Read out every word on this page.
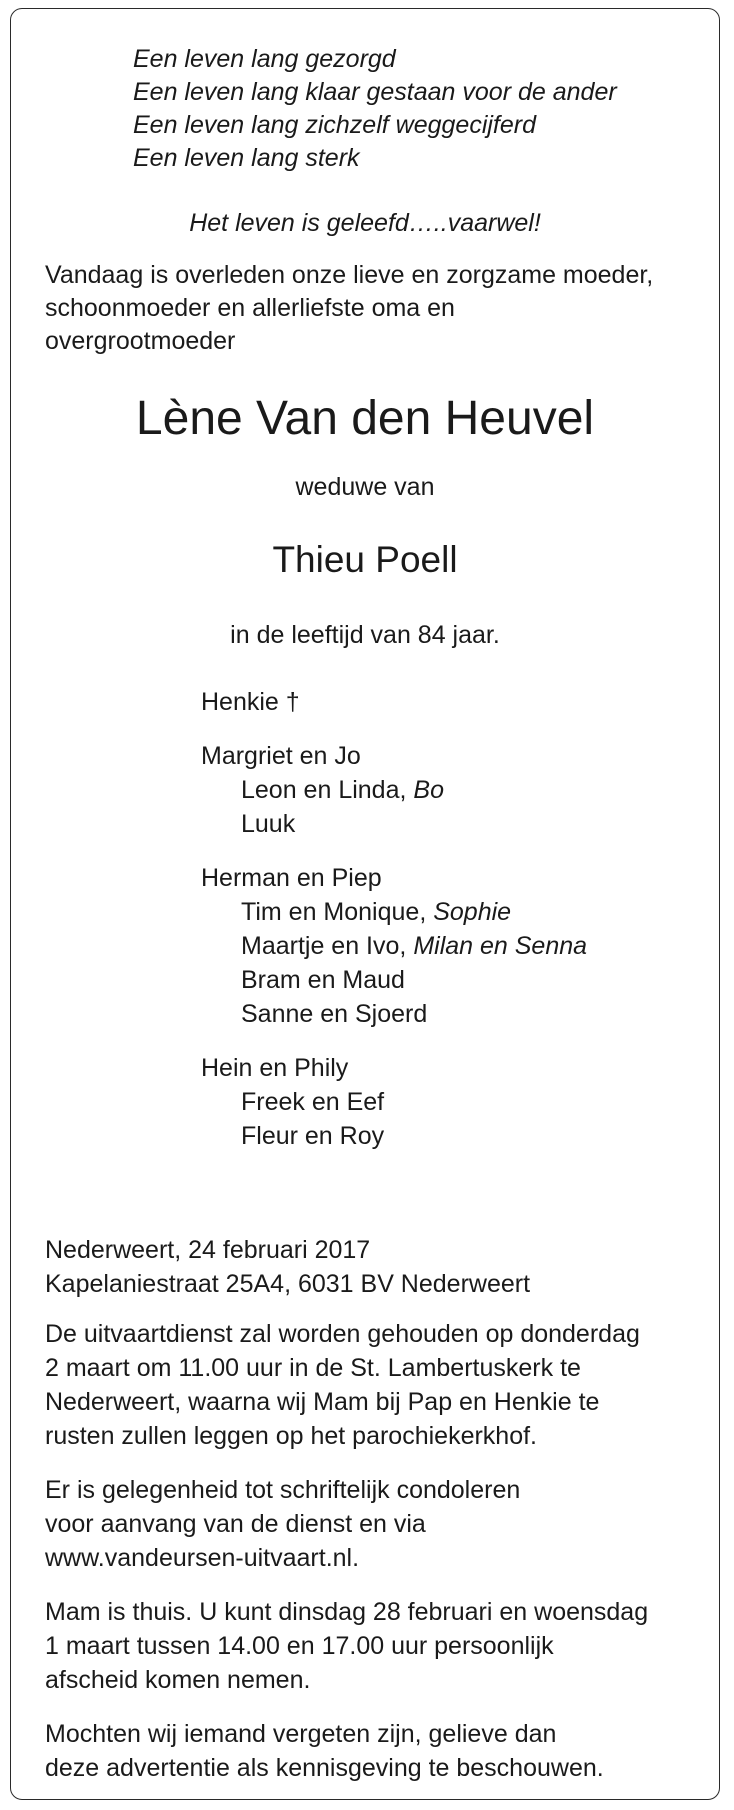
Een leven lang gezorgd
Een leven lang klaar gestaan voor de ander
Een leven lang zichzelf weggecijferd
Een leven lang sterk
Het leven is geleefd…..vaarwel!
Vandaag is overleden onze lieve en zorgzame moeder,
schoonmoeder en allerliefste oma en
overgrootmoeder
Lène Van den Heuvel
weduwe van
Thieu Poell
in de leeftijd van 84 jaar.
Henkie †
Margriet en Jo
Leon en Linda, Bo
Luuk
Herman en Piep
Tim en Monique, Sophie
Maartje en Ivo, Milan en Senna
Bram en Maud
Sanne en Sjoerd
Hein en Phily
Freek en Eef
Fleur en Roy

Nederweert, 24 februari 2017
Kapelaniestraat 25A4, 6031 BV Nederweert

De uitvaartdienst zal worden gehouden op donderdag
2 maart om 11.00 uur in de St. Lambertuskerk te
Nederweert, waarna wij Mam bij Pap en Henkie te
rusten zullen leggen op het parochiekerkhof.

Er is gelegenheid tot schriftelijk condoleren
voor aanvang van de dienst en via
www.vandeursen-uitvaart.nl.

Mam is thuis. U kunt dinsdag 28 februari en woensdag
1 maart tussen 14.00 en 17.00 uur persoonlijk
afscheid komen nemen.

Mochten wij iemand vergeten zijn, gelieve dan
deze advertentie als kennisgeving te beschouwen.
